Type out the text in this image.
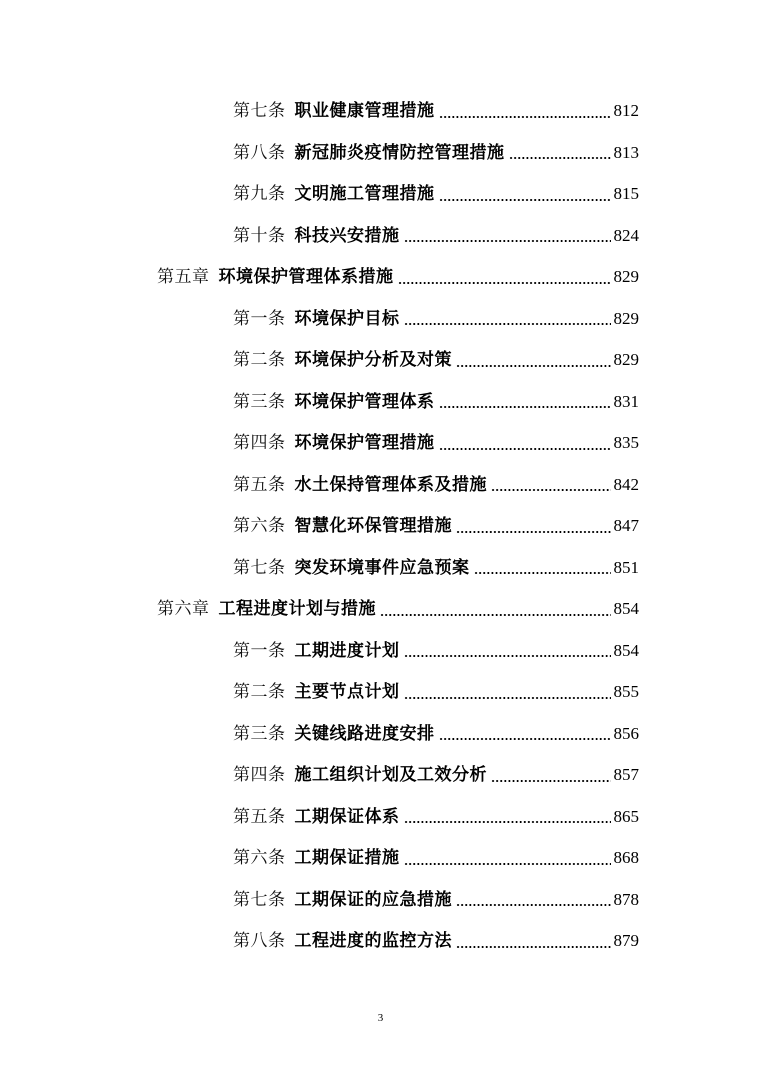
第七条 职业健康管理措施	812
第八条 新冠肺炎疫情防控管理措施	813
第九条 文明施工管理措施	815
第十条 科技兴安措施	824
第五章 环境保护管理体系措施	829
第一条 环境保护目标	829
第二条 环境保护分析及对策	829
第三条 环境保护管理体系	831
第四条 环境保护管理措施	835
第五条 水土保持管理体系及措施	842
第六条 智慧化环保管理措施	847
第七条 突发环境事件应急预案	851
第六章 工程进度计划与措施	854
第一条 工期进度计划	854
第二条 主要节点计划	855
第三条 关键线路进度安排	856
第四条 施工组织计划及工效分析	857
第五条 工期保证体系	865
第六条 工期保证措施	868
第七条 工期保证的应急措施	878
第八条 工程进度的监控方法	879
3
